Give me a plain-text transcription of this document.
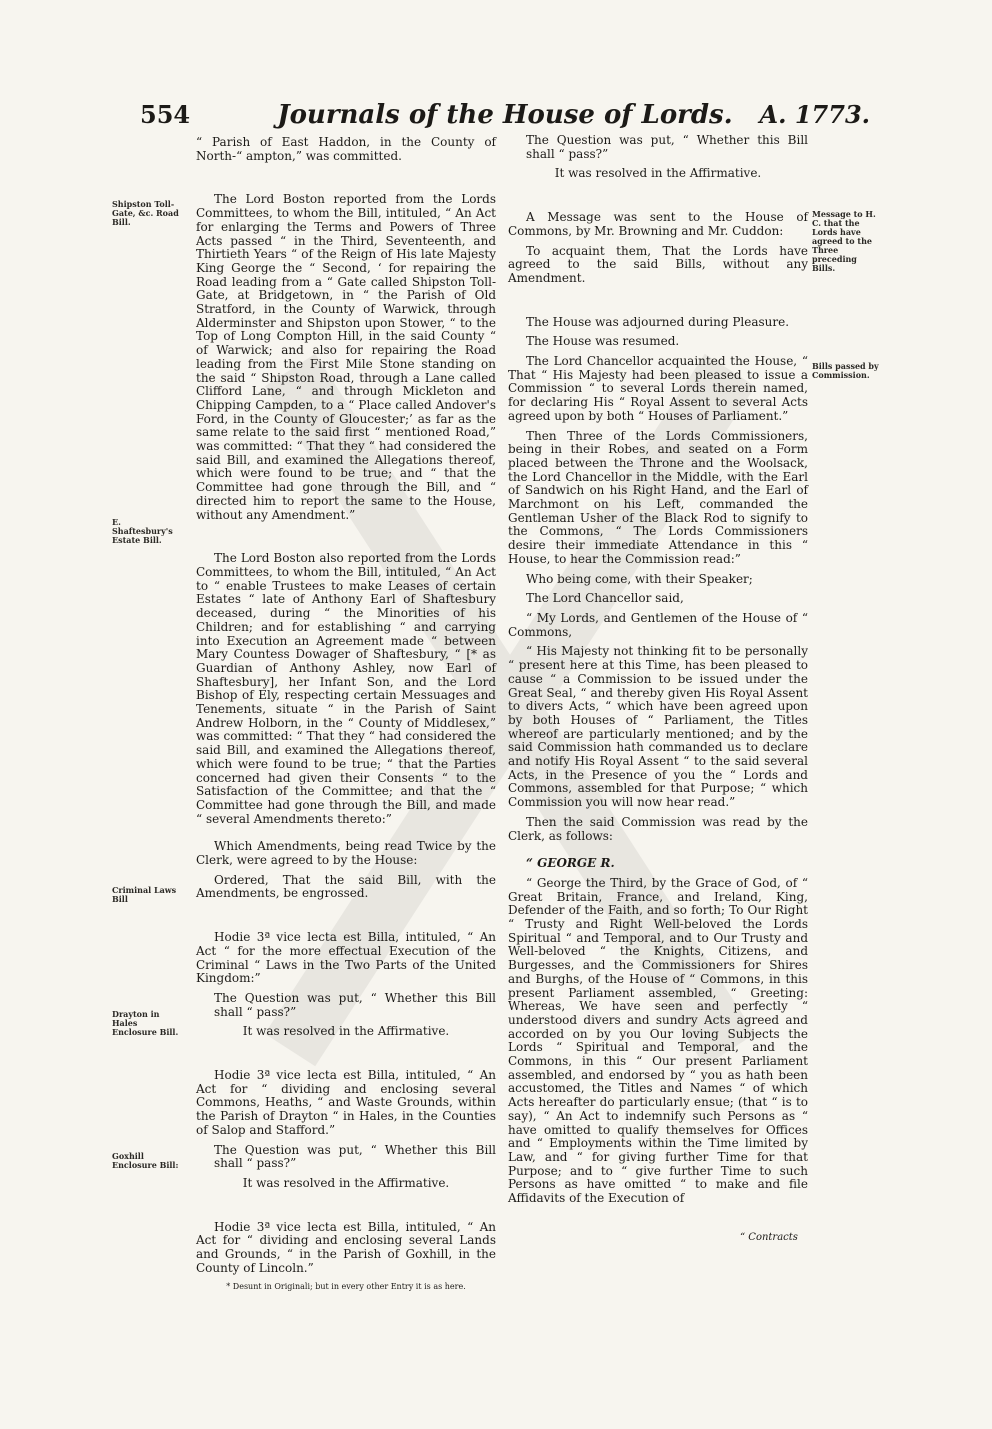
554	Journals of the House of Lords.	A. 1773.
Shipston Toll-Gate, &c. Road Bill.
E. Shaftesbury's Estate Bill.
Criminal Laws Bill
Drayton in Hales Enclosure Bill.
Goxhill Enclosure Bill:
Message to H. C. that the Lords have agreed to the Three preceding Bills.
Bills passed by Commission.

“ Parish of East Haddon, in the County of North-“ ampton,” was committed.

The Lord Boston reported from the Lords Committees, to whom the Bill, intituled, “ An Act for enlarging the Terms and Powers of Three Acts passed “ in the Third, Seventeenth, and Thirtieth Years “ of the Reign of His late Majesty King George the “ Second, ‘ for repairing the Road leading from a “ Gate called Shipston Toll-Gate, at Bridgetown, in “ the Parish of Old Stratford, in the County of Warwick, through Alderminster and Shipston upon Stower, “ to the Top of Long Compton Hill, in the said County “ of Warwick; and also for repairing the Road leading from the First Mile Stone standing on the said “ Shipston Road, through a Lane called Clifford Lane, “ and through Mickleton and Chipping Campden, to a “ Place called Andover's Ford, in the County of Gloucester;’ as far as the same relate to the said first “ mentioned Road,” was committed: “ That they “ had considered the said Bill, and examined the Allegations thereof, which were found to be true; and “ that the Committee had gone through the Bill, and “ directed him to report the same to the House, without any Amendment.”

The Lord Boston also reported from the Lords Committees, to whom the Bill, intituled, “ An Act to “ enable Trustees to make Leases of certain Estates “ late of Anthony Earl of Shaftesbury deceased, during “ the Minorities of his Children; and for establishing “ and carrying into Execution an Agreement made “ between Mary Countess Dowager of Shaftesbury, “ [* as Guardian of Anthony Ashley, now Earl of Shaftesbury], her Infant Son, and the Lord Bishop of Ely, respecting certain Messuages and Tenements, situate “ in the Parish of Saint Andrew Holborn, in the “ County of Middlesex,” was committed: “ That they “ had considered the said Bill, and examined the Allegations thereof, which were found to be true; “ that the Parties concerned had given their Consents “ to the Satisfaction of the Committee; and that the “ Committee had gone through the Bill, and made “ several Amendments thereto:”

Which Amendments, being read Twice by the Clerk, were agreed to by the House:

Ordered, That the said Bill, with the Amendments, be engrossed.

Hodie 3ª vice lecta est Billa, intituled, “ An Act “ for the more effectual Execution of the Criminal “ Laws in the Two Parts of the United Kingdom:”

The Question was put, “ Whether this Bill shall “ pass?”

It was resolved in the Affirmative.

Hodie 3ª vice lecta est Billa, intituled, “ An Act for “ dividing and enclosing several Commons, Heaths, “ and Waste Grounds, within the Parish of Drayton “ in Hales, in the Counties of Salop and Stafford.”

The Question was put, “ Whether this Bill shall “ pass?”

It was resolved in the Affirmative.

Hodie 3ª vice lecta est Billa, intituled, “ An Act for “ dividing and enclosing several Lands and Grounds, “ in the Parish of Goxhill, in the County of Lincoln.”

* Desunt in Originali; but in every other Entry it is as here.

The Question was put, “ Whether this Bill shall “ pass?”

It was resolved in the Affirmative.

A Message was sent to the House of Commons, by Mr. Browning and Mr. Cuddon:

To acquaint them, That the Lords have agreed to the said Bills, without any Amendment.

The House was adjourned during Pleasure.

The House was resumed.

The Lord Chancellor acquainted the House, “ That “ His Majesty had been pleased to issue a Commission “ to several Lords therein named, for declaring His “ Royal Assent to several Acts agreed upon by both “ Houses of Parliament.”

Then Three of the Lords Commissioners, being in their Robes, and seated on a Form placed between the Throne and the Woolsack, the Lord Chancellor in the Middle, with the Earl of Sandwich on his Right Hand, and the Earl of Marchmont on his Left, commanded the Gentleman Usher of the Black Rod to signify to the Commons, “ The Lords Commissioners desire their immediate Attendance in this “ House, to hear the Commission read:”

Who being come, with their Speaker;

The Lord Chancellor said,

“ My Lords, and Gentlemen of the House of “ Commons,

“ His Majesty not thinking fit to be personally “ present here at this Time, has been pleased to cause “ a Commission to be issued under the Great Seal, “ and thereby given His Royal Assent to divers Acts, “ which have been agreed upon by both Houses of “ Parliament, the Titles whereof are particularly mentioned; and by the said Commission hath commanded us to declare and notify His Royal Assent “ to the said several Acts, in the Presence of you the “ Lords and Commons, assembled for that Purpose; “ which Commission you will now hear read.”

Then the said Commission was read by the Clerk, as follows:

“ GEORGE R.

“ George the Third, by the Grace of God, of “ Great Britain, France, and Ireland, King, Defender of the Faith, and so forth; To Our Right “ Trusty and Right Well-beloved the Lords Spiritual “ and Temporal, and to Our Trusty and Well-beloved “ the Knights, Citizens, and Burgesses, and the Commissioners for Shires and Burghs, of the House of “ Commons, in this present Parliament assembled, “ Greeting: Whereas, We have seen and perfectly “ understood divers and sundry Acts agreed and accorded on by you Our loving Subjects the Lords “ Spiritual and Temporal, and the Commons, in this “ Our present Parliament assembled, and endorsed by “ you as hath been accustomed, the Titles and Names “ of which Acts hereafter do particularly ensue; (that “ is to say), “ An Act to indemnify such Persons as “ have omitted to qualify themselves for Offices and “ Employments within the Time limited by Law, and “ for giving further Time for that Purpose; and to “ give further Time to such Persons as have omitted “ to make and file Affidavits of the Execution of

“ Contracts
